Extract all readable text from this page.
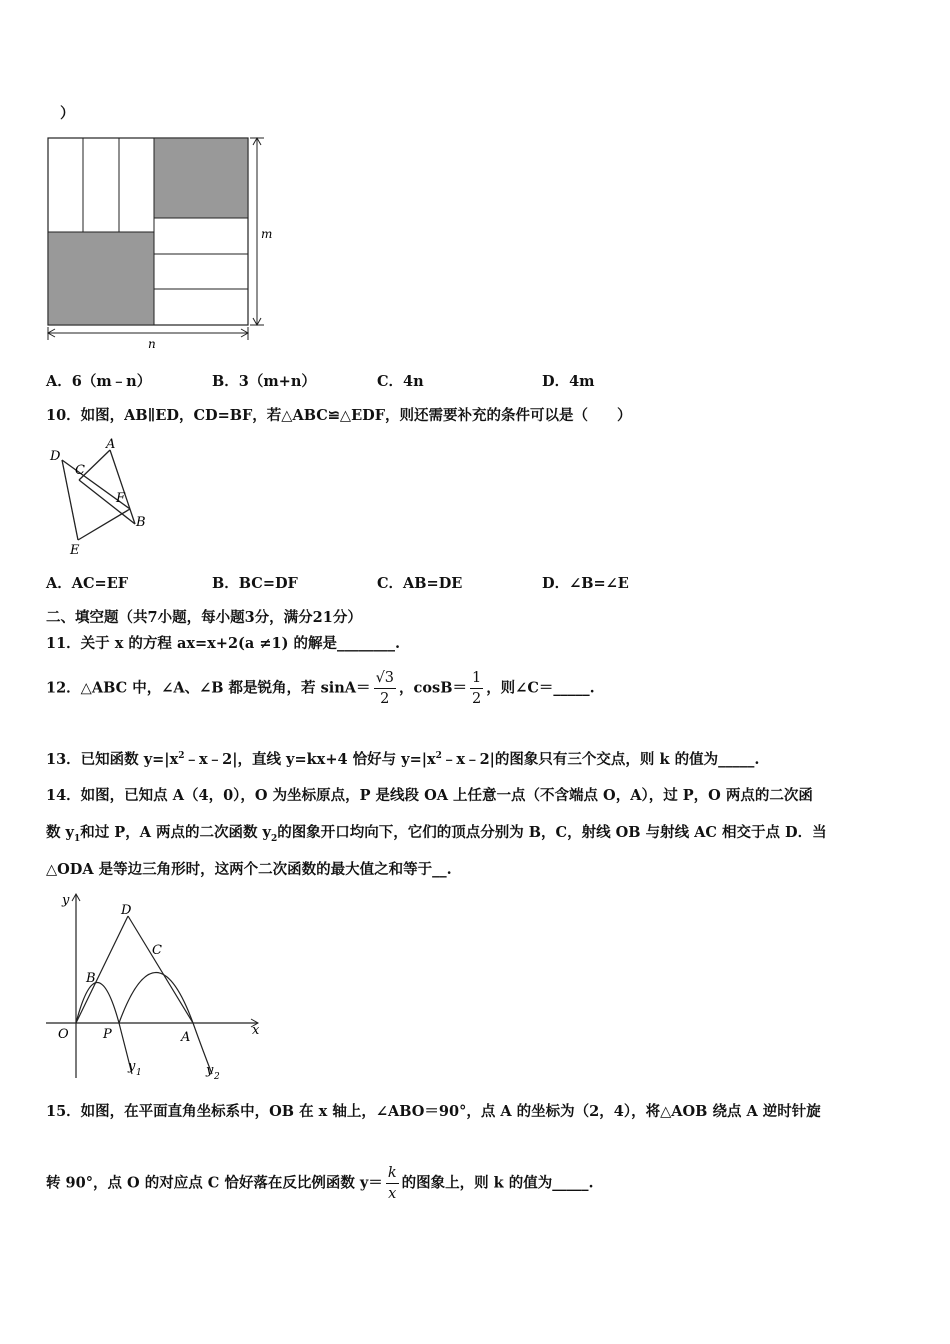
）
m
n
A．6（m﹣n）	B．3（m+n）	C．4n	D．4m
10．如图，AB∥ED，CD=BF，若△ABC≌△EDF，则还需要补充的条件可以是（　　）
D
C
A
F
B
E
A．AC=EF	B．BC=DF	C．AB=DE	D．∠B=∠E
二、填空题（共7小题，每小题3分，满分21分）
11．关于 x 的方程 ax=x+2(a ≠1) 的解是________.
12．△ABC 中，∠A、∠B 都是锐角，若 $\sin A= \frac{√3}{2}$ ，$\cos B= \frac{1}{2}$ ，则∠C＝_____.
13．已知函数 $y=|x^2﹣x﹣2|$，直线 y=kx+4 恰好与 $y=|x^2﹣x﹣2|$的图象只有三个交点，则 k 的值为_____.
14．如图，已知点 A（4，0），O 为坐标原点，P 是线段 OA 上任意一点（不含端点 O，A），过 P，O 两点的二次函
数 $y_1$和过 P，A 两点的二次函数 $y_2$的图象开口均向下，它们的顶点分别为 B，C，射线 OB 与射线 AC 相交于点 D．当
△ODA 是等边三角形时，这两个二次函数的最大值之和等于__.
y
x
O	P	A
B
C
D
y 1	y 2
15．如图，在平面直角坐标系中，OB 在 x 轴上，∠ABO＝90°，点 A 的坐标为（2，4），将△AOB 绕点 A 逆时针旋
转 90°，点 O 的对应点 C 恰好落在反比例函数 $y= \frac{k}{x}$ 的图象上，则 k 的值为_____.
